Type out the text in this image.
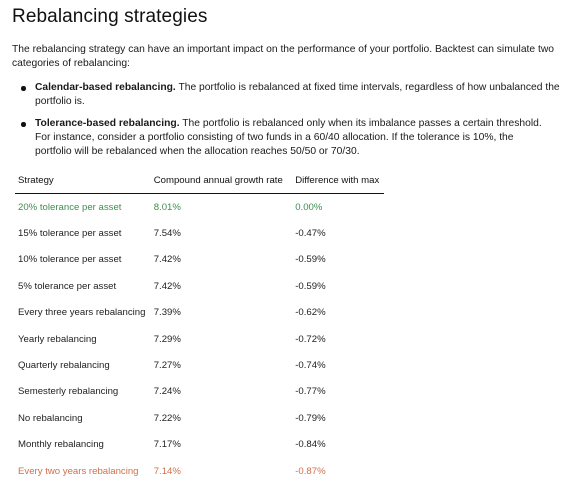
Rebalancing strategies

The rebalancing strategy can have an important impact on the performance of your portfolio. Backtest can simulate two categories of rebalancing:

Calendar-based rebalancing. The portfolio is rebalanced at fixed time intervals, regardless of how unbalanced the portfolio is.
Tolerance-based rebalancing. The portfolio is rebalanced only when its imbalance passes a certain threshold.
For instance, consider a portfolio consisting of two funds in a 60/40 allocation. If the tolerance is 10%, the portfolio will be rebalanced when the allocation reaches 50/50 or 70/30.
Strategy	Compound annual growth rate	Difference with max
20% tolerance per asset	8.01%	0.00%
15% tolerance per asset	7.54%	-0.47%
10% tolerance per asset	7.42%	-0.59%
5% tolerance per asset	7.42%	-0.59%
Every three years rebalancing	7.39%	-0.62%
Yearly rebalancing	7.29%	-0.72%
Quarterly rebalancing	7.27%	-0.74%
Semesterly rebalancing	7.24%	-0.77%
No rebalancing	7.22%	-0.79%
Monthly rebalancing	7.17%	-0.84%
Every two years rebalancing	7.14%	-0.87%
